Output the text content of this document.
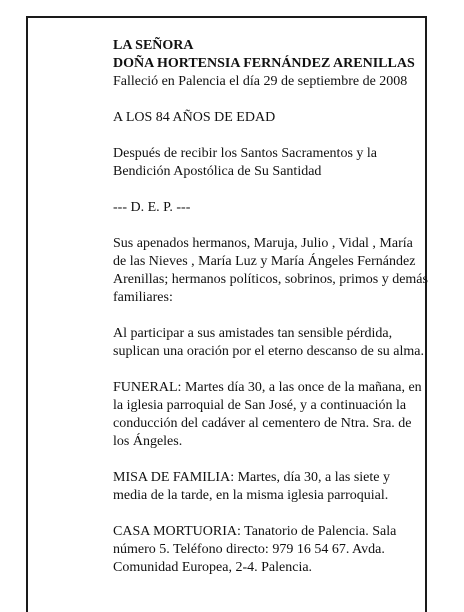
LA SEÑORA
DOÑA HORTENSIA FERNÁNDEZ ARENILLAS
Falleció en Palencia el día 29 de septiembre de 2008
A LOS 84 AÑOS DE EDAD
Después de recibir los Santos Sacramentos y la
Bendición Apostólica de Su Santidad
--- D. E. P. ---
Sus apenados hermanos, Maruja, Julio , Vidal , María
de las Nieves , María Luz y María Ángeles Fernández
Arenillas; hermanos políticos, sobrinos, primos y demás
familiares:
Al participar a sus amistades tan sensible pérdida,
suplican una oración por el eterno descanso de su alma.
FUNERAL: Martes día 30, a las once de la mañana, en
la iglesia parroquial de San José, y a continuación la
conducción del cadáver al cementero de Ntra. Sra. de
los Ángeles.
MISA DE FAMILIA: Martes, día 30, a las siete y
media de la tarde, en la misma iglesia parroquial.
CASA MORTUORIA: Tanatorio de Palencia. Sala
número 5. Teléfono directo: 979 16 54 67. Avda.
Comunidad Europea, 2-4. Palencia.
